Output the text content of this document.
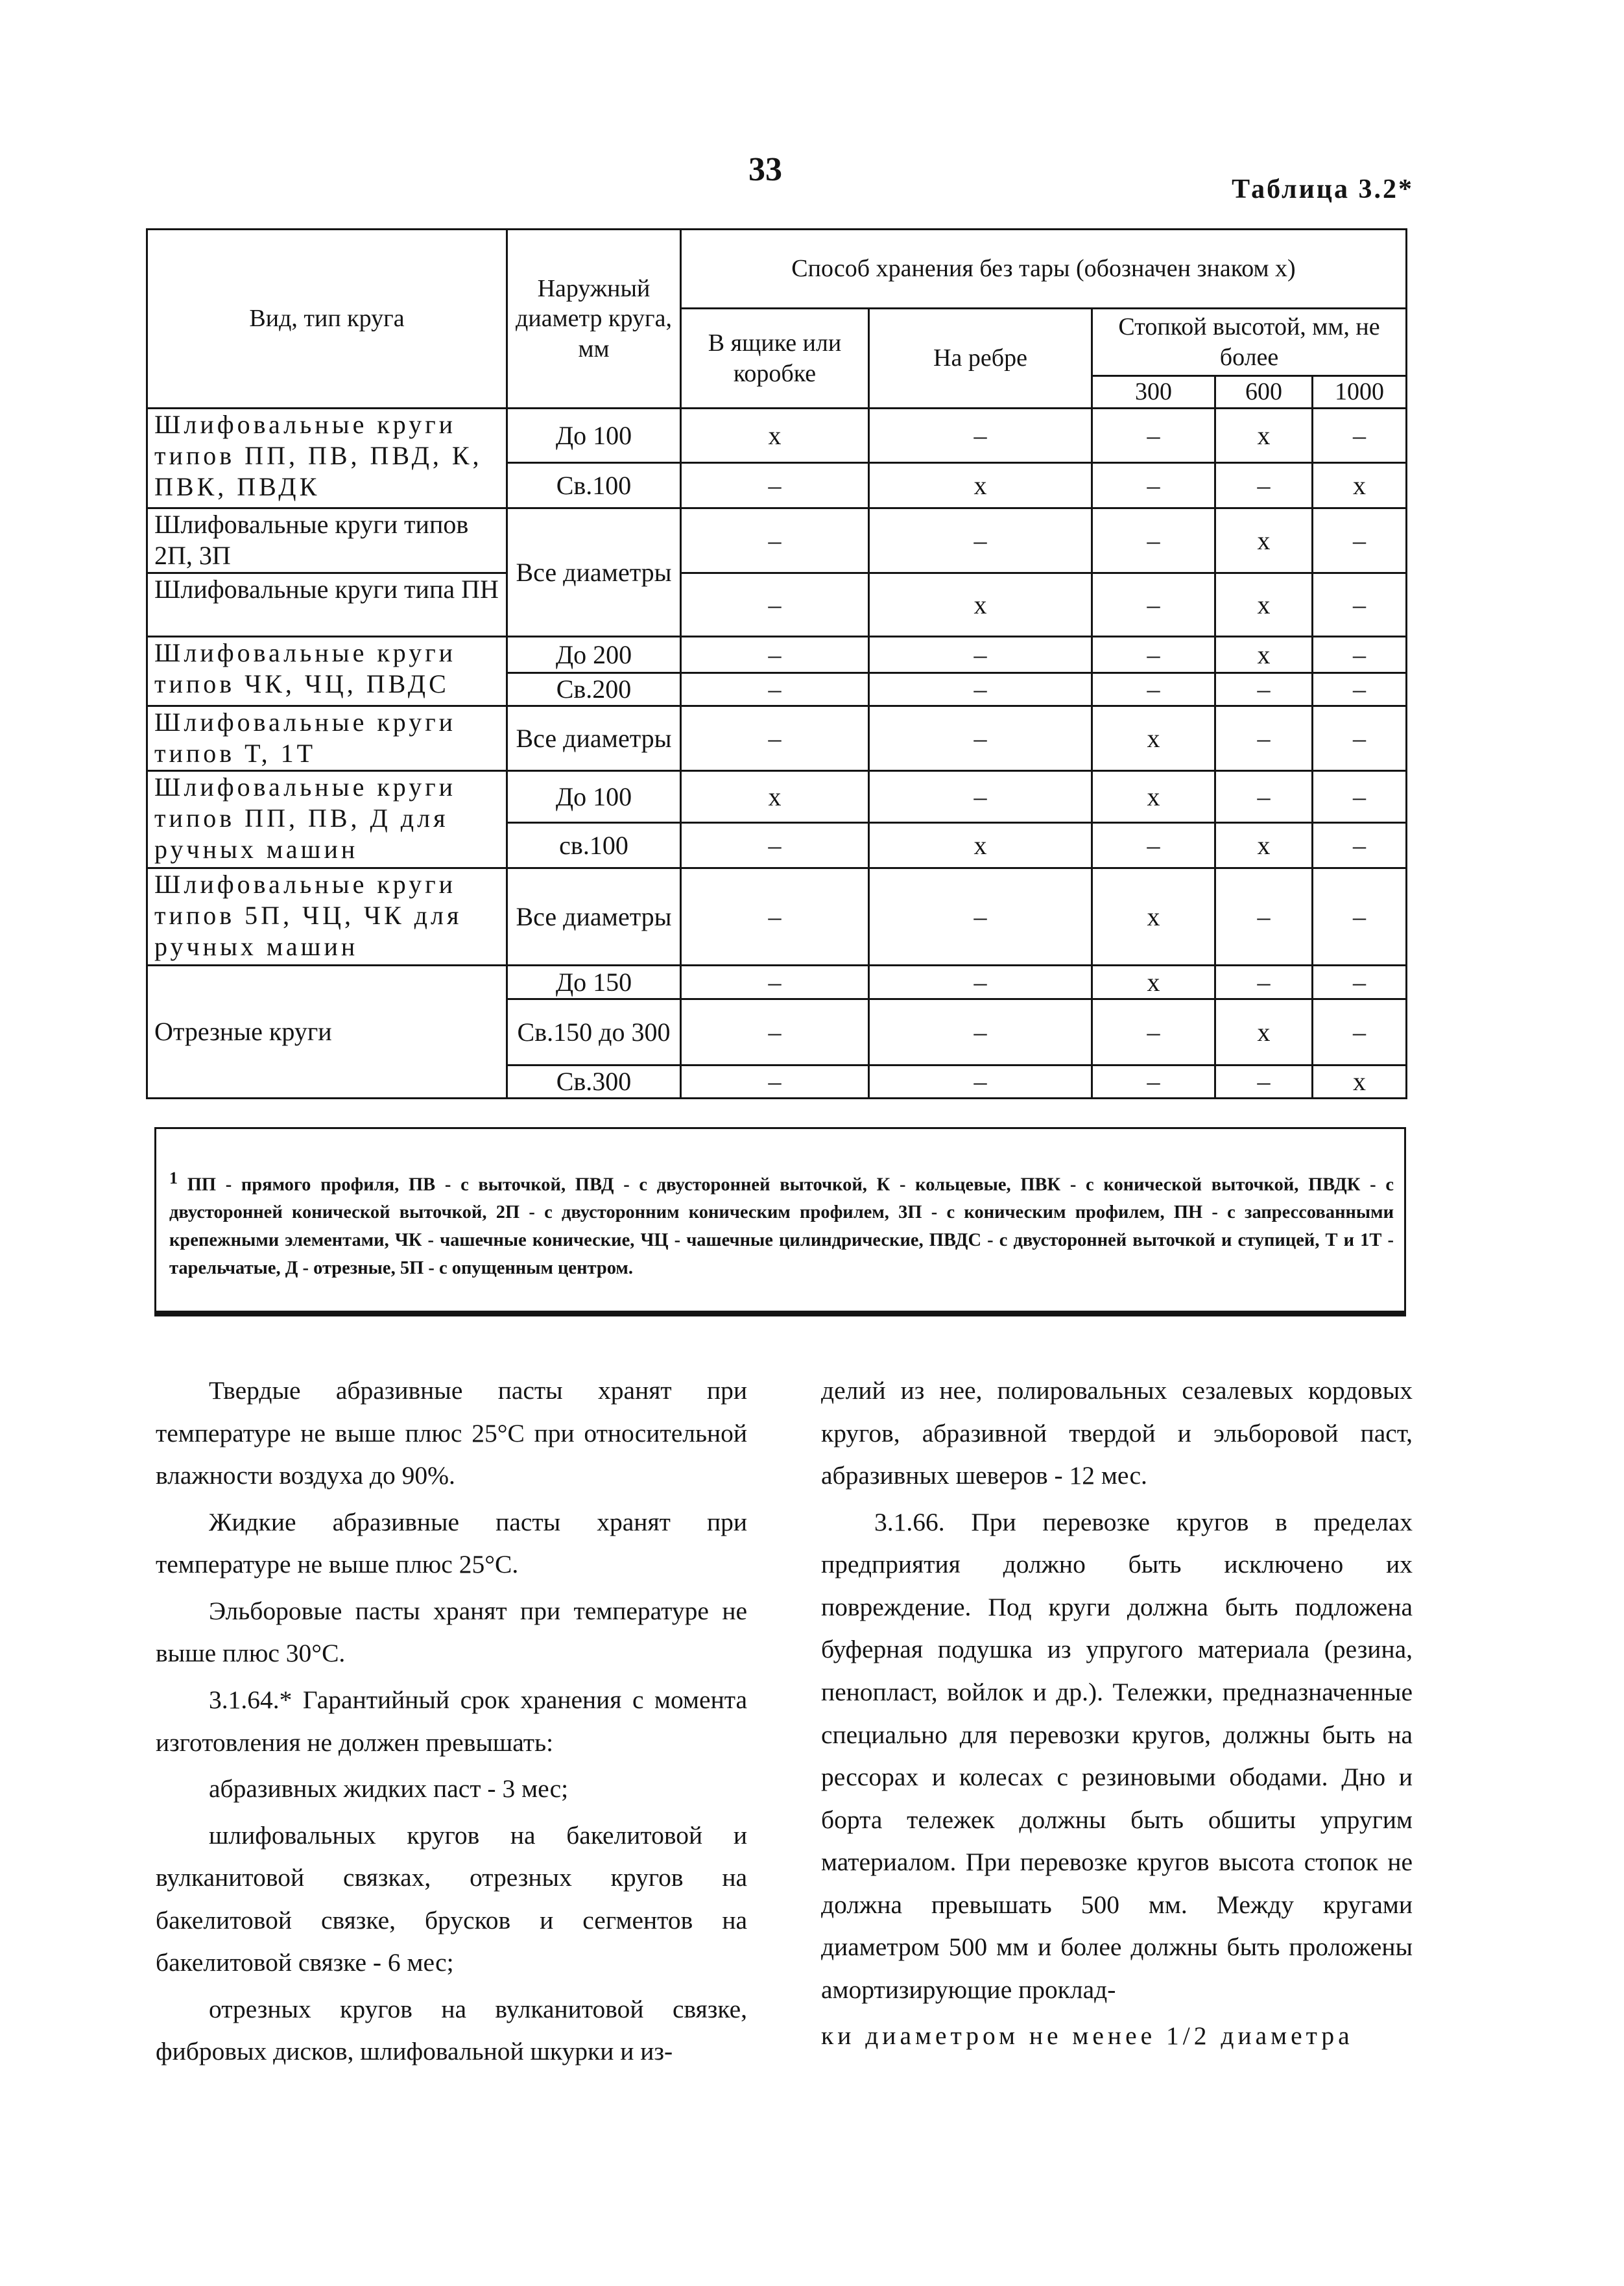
33
Таблица 3.2*
Вид, тип круга	Наружный диаметр круга, мм	Способ хранения без тары (обозначен знаком х)				
		В ящике или коробке	На ребре	Стопкой высотой, мм, не более		
				300	600	1000
Шлифовальные круги типов ПП, ПВ, ПВД, К, ПВК, ПВДК	До 100	х	–	–	х	–
	Св.100	–	х	–	–	х
Шлифовальные круги типов 2П, 3П	Все диаметры	–	–	–	х	–
Шлифовальные круги типа ПН		–	х	–	х	–
Шлифовальные круги типов ЧК, ЧЦ, ПВДС	До 200	–	–	–	х	–
	Св.200	–	–	–	–	–
Шлифовальные круги типов Т, 1Т	Все диаметры	–	–	х	–	–
Шлифовальные круги типов ПП, ПВ, Д для ручных машин	До 100	х	–	х	–	–
	св.100	–	х	–	х	–
Шлифовальные круги типов 5П, ЧЦ, ЧК для ручных машин	Все диаметры	–	–	х	–	–
Отрезные круги	До 150	–	–	х	–	–
	Св.150 до 300	–	–	–	х	–
	Св.300	–	–	–	–	х
$^1$ ПП - прямого профиля, ПВ - с выточкой, ПВД - с двусторонней выточкой, К - кольцевые, ПВК - с конической выточкой, ПВДК - с двусторонней конической выточкой, 2П - с двусторонним коническим профилем, 3П - с коническим профилем, ПН - с запрессованными крепежными элементами, ЧК - чашечные конические, ЧЦ - чашечные цилиндрические, ПВДС - с двусторонней выточкой и ступицей, Т и 1Т - тарельчатые, Д - отрезные, 5П - с опущенным центром.

Твердые абразивные пасты хранят при температуре не выше плюс 25°С при относительной влажности воздуха до 90%.

Жидкие абразивные пасты хранят при температуре не выше плюс 25°С.

Эльборовые пасты хранят при температуре не выше плюс 30°С.

3.1.64.* Гарантийный срок хранения с момента изготовления не должен превышать:

абразивных жидких паст - 3 мес;

шлифовальных кругов на бакелитовой и вулканитовой связках, отрезных кругов на бакелитовой связке, брусков и сегментов на бакелитовой связке - 6 мес;

отрезных кругов на вулканитовой связке, фибровых дисков, шлифовальной шкурки и из-

делий из нее, полировальных сезалевых кордовых кругов, абразивной твердой и эльборовой паст, абразивных шеверов - 12 мес.

3.1.66. При перевозке кругов в пределах предприятия должно быть исключено их повреждение. Под круги должна быть подложена буферная подушка из упругого материала (резина, пенопласт, войлок и др.). Тележки, предназначенные специально для перевозки кругов, должны быть на рессорах и колесах с резиновыми ободами. Дно и борта тележек должны быть обшиты упругим материалом. При перевозке кругов высота стопок не должна превышать 500 мм. Между кругами диаметром 500 мм и более должны быть проложены амортизирующие проклад-

ки диаметром не менее 1/2 диаметра
